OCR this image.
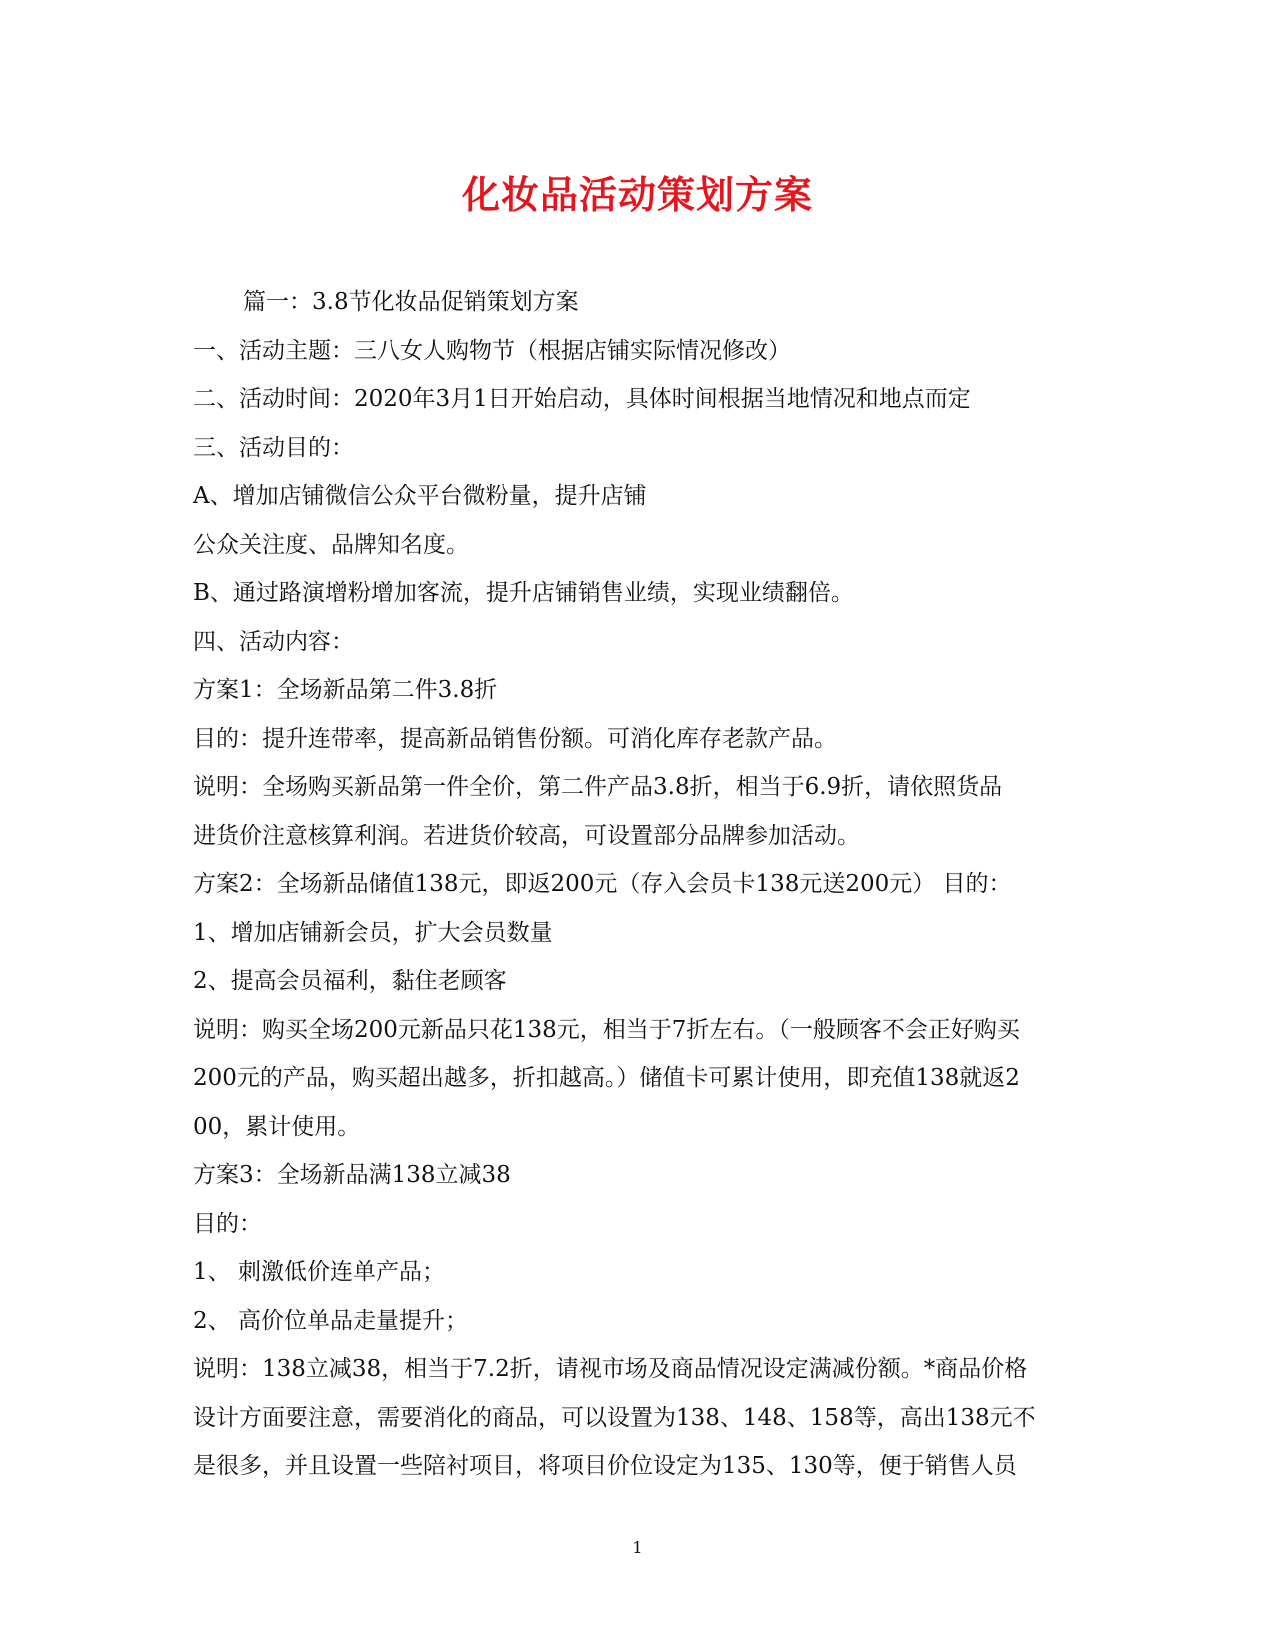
化妆品活动策划方案
篇一：3.8节化妆品促销策划方案
一、活动主题：三八女人购物节（根据店铺实际情况修改）
二、活动时间：2020年3月1日开始启动，具体时间根据当地情况和地点而定
三、活动目的：
A、增加店铺微信公众平台微粉量，提升店铺
公众关注度、品牌知名度。
B、通过路演增粉增加客流，提升店铺销售业绩，实现业绩翻倍。
四、活动内容：
方案1：全场新品第二件3.8折
目的：提升连带率，提高新品销售份额。可消化库存老款产品。
说明：全场购买新品第一件全价，第二件产品3.8折，相当于6.9折，请依照货品
进货价注意核算利润。若进货价较高，可设置部分品牌参加活动。
方案2：全场新品储值138元，即返200元（存入会员卡138元送200元） 目的：
1、增加店铺新会员，扩大会员数量
2、提高会员福利，黏住老顾客
说明：购买全场200元新品只花138元，相当于7折左右。（一般顾客不会正好购买
200元的产品，购买超出越多，折扣越高。）储值卡可累计使用，即充值138就返2
00，累计使用。
方案3：全场新品满138立减38
目的：
1、 刺激低价连单产品；
2、 高价位单品走量提升；
说明：138立减38，相当于7.2折，请视市场及商品情况设定满减份额。*商品价格
设计方面要注意，需要消化的商品，可以设置为138、148、158等，高出138元不
是很多，并且设置一些陪衬项目，将项目价位设定为135、130等，便于销售人员
1
